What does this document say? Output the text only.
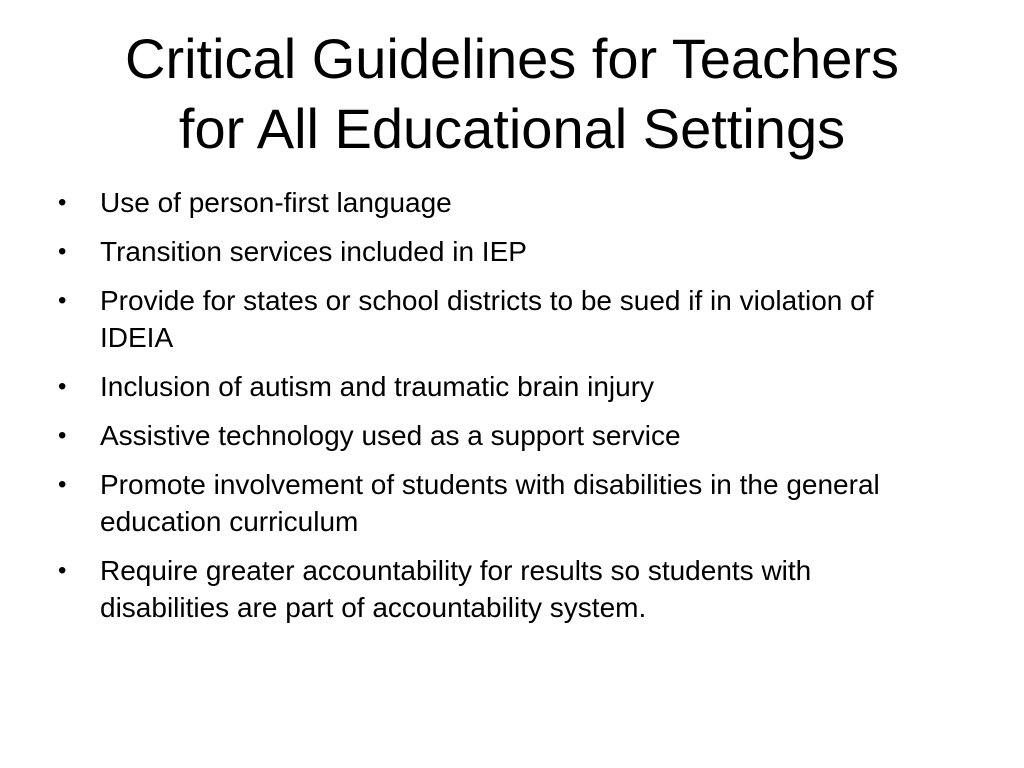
Critical Guidelines for Teachers
for All Educational Settings
• Use of person-first language
• Transition services included in IEP
• Provide for states or school districts to be sued if in violation of IDEIA
• Inclusion of autism and traumatic brain injury
• Assistive technology used as a support service
• Promote involvement of students with disabilities in the general education curriculum
• Require greater accountability for results so students with disabilities are part of accountability system.
